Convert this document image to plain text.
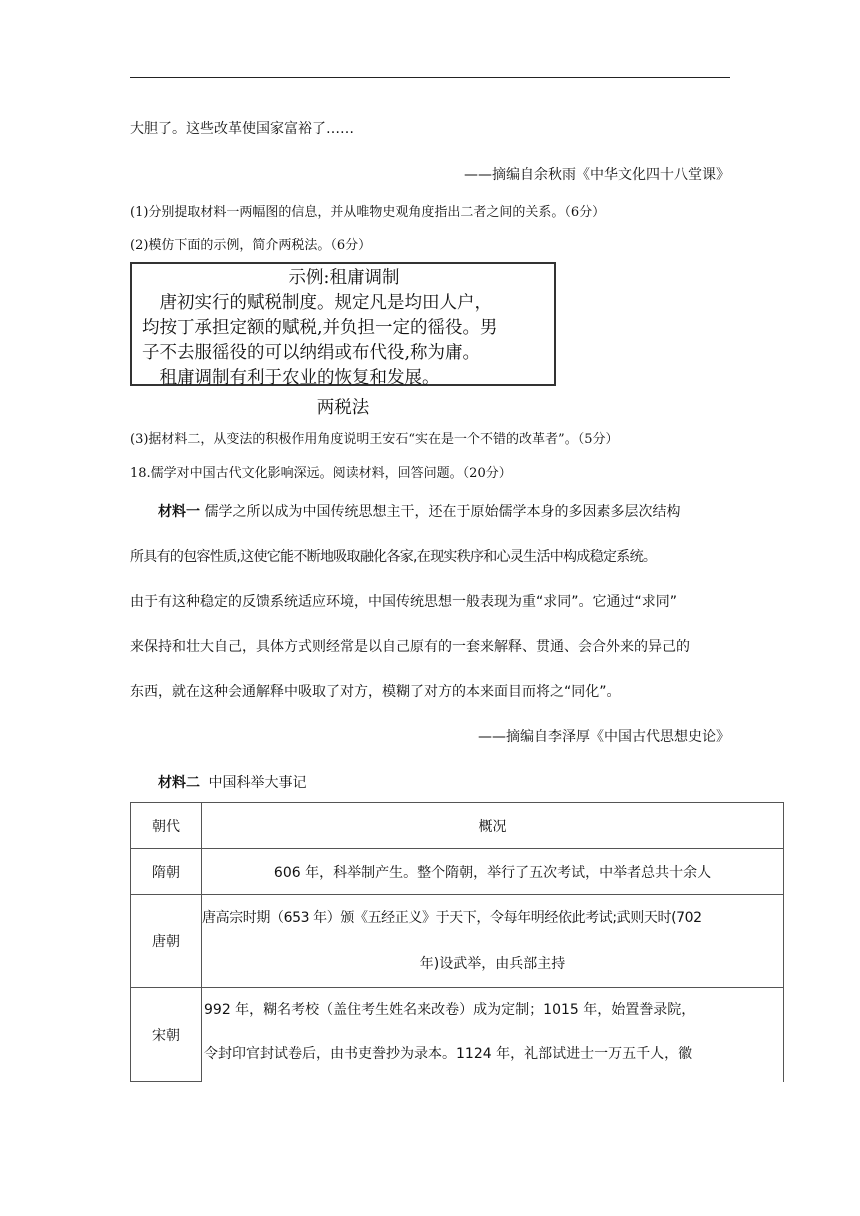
大胆了。这些改革使国家富裕了……
——摘编自余秋雨《中华文化四十八堂课》
(1)分别提取材料一两幅图的信息，并从唯物史观角度指出二者之间的关系。（6分）
(2)模仿下面的示例，简介两税法。（6分）
示例:租庸调制
　唐初实行的赋税制度。规定凡是均田人户，
均按丁承担定额的赋税,并负担一定的徭役。男
子不去服徭役的可以纳绢或布代役,称为庸。
　租庸调制有利于农业的恢复和发展。
两税法
(3)据材料二，从变法的积极作用角度说明王安石“实在是一个不错的改革者”。（5分）
18.儒学对中国古代文化影响深远。阅读材料，回答问题。（20分）
材料一 儒学之所以成为中国传统思想主干，还在于原始儒学本身的多因素多层次结构
所具有的包容性质,这使它能不断地吸取融化各家,在现实秩序和心灵生活中构成稳定系统。
由于有这种稳定的反馈系统适应环境，中国传统思想一般表现为重“求同”。它通过“求同”
来保持和壮大自己，具体方式则经常是以自己原有的一套来解释、贯通、会合外来的异己的
东西，就在这种会通解释中吸取了对方，模糊了对方的本来面目而将之“同化”。
——摘编自李泽厚《中国古代思想史论》
材料二 中国科举大事记
朝代	概况
隋朝	606 年，科举制产生。整个隋朝，举行了五次考试，中举者总共十余人

唐朝	唐高宗时期（653 年）颁《五经正义》于天下，令每年明经依此考试;武则天时(702
年)设武举，由兵部主持

宋朝	992 年，糊名考校（盖住考生姓名来改卷）成为定制；1015 年，始置誊录院，
令封印官封试卷后，由书吏誊抄为录本。1124 年，礼部试进士一万五千人，徽
